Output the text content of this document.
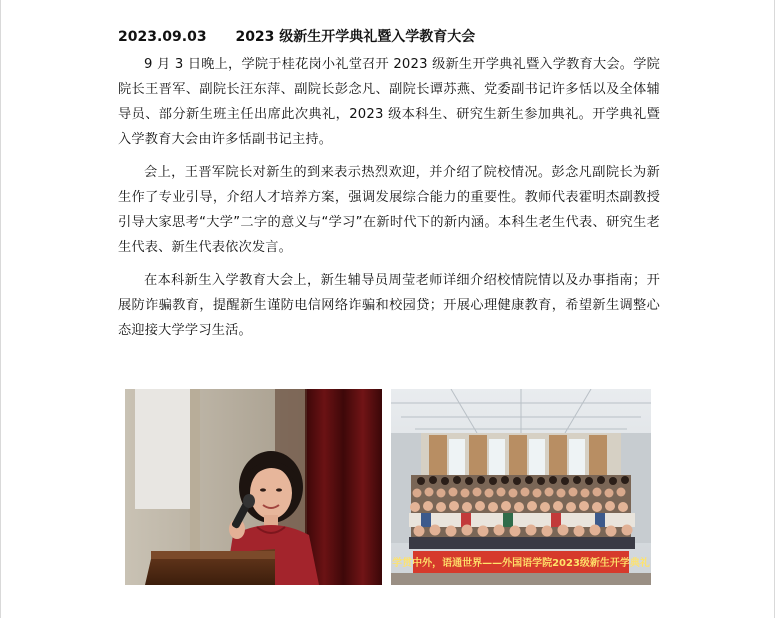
2023.09.03 2023 级新生开学典礼暨入学教育大会

9 月 3 日晚上，学院于桂花岗小礼堂召开 2023 级新生开学典礼暨入学教育大会。学院院长王晋军、副院长汪东萍、副院长彭念凡、副院长谭苏燕、党委副书记许多恬以及全体辅导员、部分新生班主任出席此次典礼，2023 级本科生、研究生新生参加典礼。开学典礼暨入学教育大会由许多恬副书记主持。

会上，王晋军院长对新生的到来表示热烈欢迎，并介绍了院校情况。彭念凡副院长为新生作了专业引导，介绍人才培养方案，强调发展综合能力的重要性。教师代表霍明杰副教授引导大家思考“大学”二字的意义与“学习”在新时代下的新内涵。本科生老生代表、研究生老生代表、新生代表依次发言。

在本科新生入学教育大会上，新生辅导员周莹老师详细介绍校情院情以及办事指南；开展防诈骗教育，提醒新生谨防电信网络诈骗和校园贷；开展心理健康教育，希望新生调整心态迎接大学学习生活。

学贯中外，语通世界——外国语学院2023级新生开学典礼
